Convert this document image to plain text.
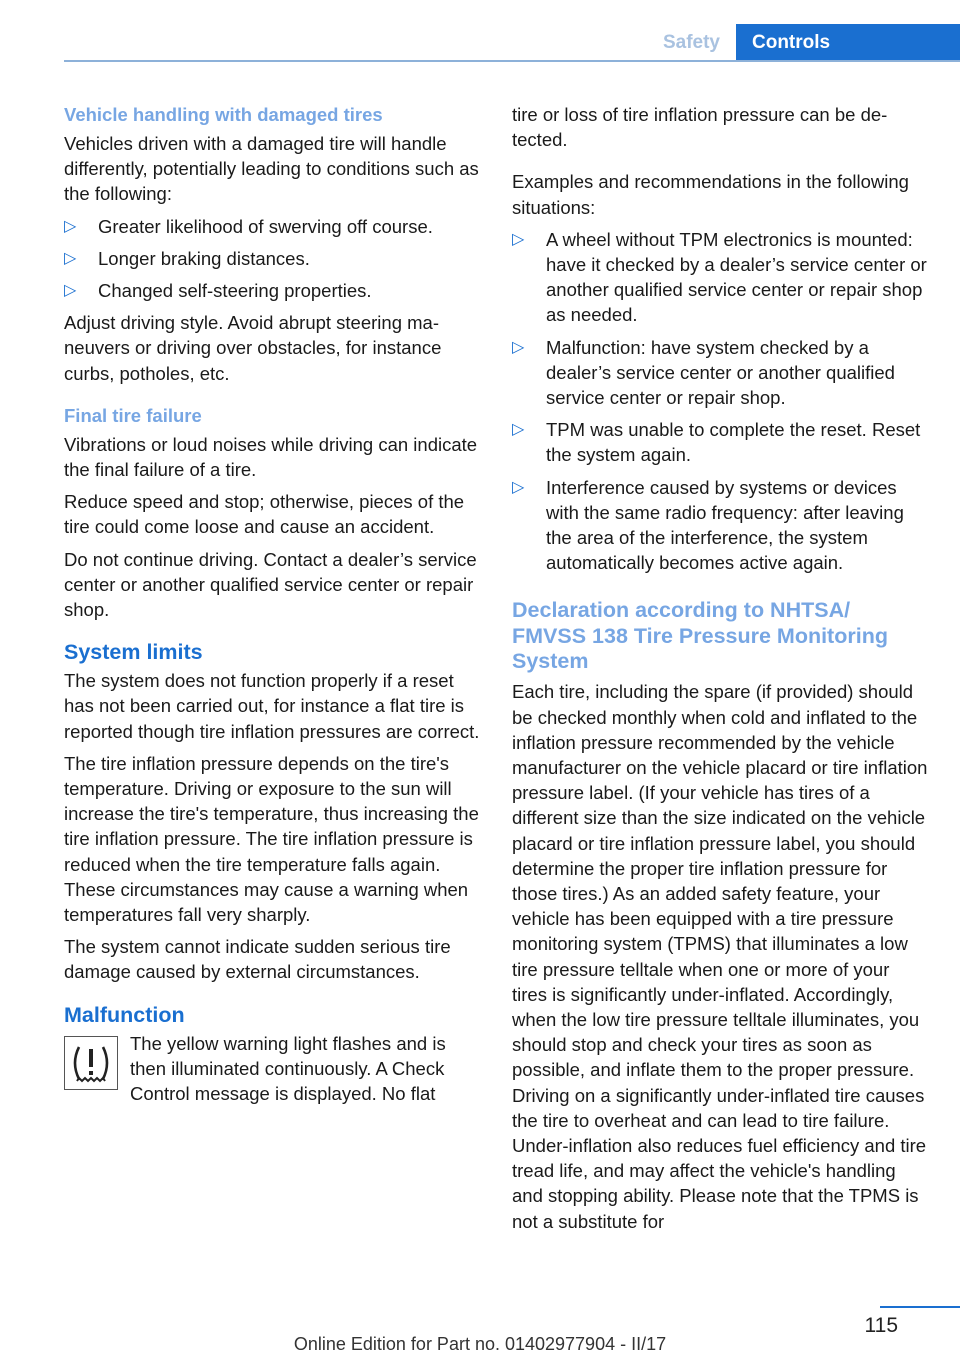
Safety	Controls
Vehicle handling with damaged tires

Vehicles driven with a damaged tire will handle differently, potentially leading to conditions such as the following:

▷ Greater likelihood of swerving off course.
▷ Longer braking distances.
▷ Changed self-steering properties.

Adjust driving style. Avoid abrupt steering maneuvers or driving over obstacles, for instance curbs, potholes, etc.

Final tire failure

Vibrations or loud noises while driving can indicate the final failure of a tire.

Reduce speed and stop; otherwise, pieces of the tire could come loose and cause an accident.

Do not continue driving. Contact a dealer’s service center or another qualified service center or repair shop.

System limits

The system does not function properly if a reset has not been carried out, for instance a flat tire is reported though tire inflation pressures are correct.

The tire inflation pressure depends on the tire's temperature. Driving or exposure to the sun will increase the tire's temperature, thus increasing the tire inflation pressure. The tire inflation pressure is reduced when the tire temperature falls again. These circumstances may cause a warning when temperatures fall very sharply.

The system cannot indicate sudden serious tire damage caused by external circumstances.

Malfunction
The yellow warning light flashes and is then illuminated continuously. A Check Control message is displayed. No flat

tire or loss of tire inflation pressure can be detected.

Examples and recommendations in the following situations:

▷ A wheel without TPM electronics is mounted: have it checked by a dealer’s service center or another qualified service center or repair shop as needed.
▷ Malfunction: have system checked by a dealer’s service center or another qualified service center or repair shop.
▷ TPM was unable to complete the reset. Reset the system again.
▷ Interference caused by systems or devices with the same radio frequency: after leaving the area of the interference, the system automatically becomes active again.
Declaration according to NHTSA/ FMVSS 138 Tire Pressure Monitoring System

Each tire, including the spare (if provided) should be checked monthly when cold and inflated to the inflation pressure recommended by the vehicle manufacturer on the vehicle placard or tire inflation pressure label. (If your vehicle has tires of a different size than the size indicated on the vehicle placard or tire inflation pressure label, you should determine the proper tire inflation pressure for those tires.) As an added safety feature, your vehicle has been equipped with a tire pressure monitoring system (TPMS) that illuminates a low tire pressure telltale when one or more of your tires is significantly under-inflated. Accordingly, when the low tire pressure telltale illuminates, you should stop and check your tires as soon as possible, and inflate them to the proper pressure. Driving on a significantly under-inflated tire causes the tire to overheat and can lead to tire failure. Under-inflation also reduces fuel efficiency and tire tread life, and may affect the vehicle's handling and stopping ability. Please note that the TPMS is not a substitute for

115
Online Edition for Part no. 01402977904 - II/17
